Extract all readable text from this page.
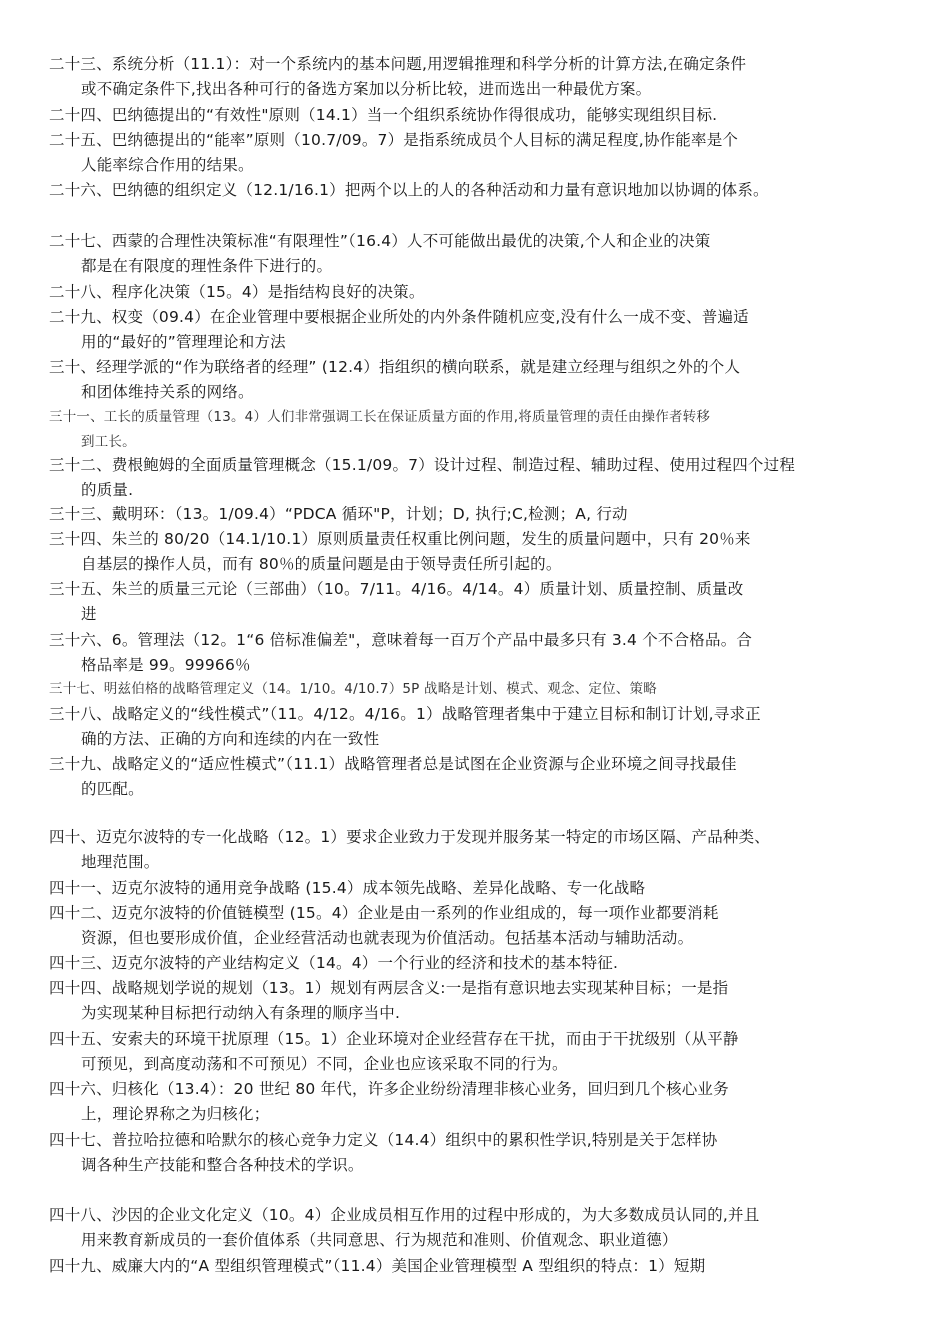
二十三、系统分析（11.1）：对一个系统内的基本问题,用逻辑推理和科学分析的计算方法,在确定条件
或不确定条件下,找出各种可行的备选方案加以分析比较，进而选出一种最优方案。
二十四、巴纳德提出的“有效性"原则（14.1）当一个组织系统协作得很成功，能够实现组织目标.
二十五、巴纳德提出的“能率”原则（10.7/09。7）是指系统成员个人目标的满足程度,协作能率是个
人能率综合作用的结果。
二十六、巴纳德的组织定义（12.1/16.1）把两个以上的人的各种活动和力量有意识地加以协调的体系。
二十七、西蒙的合理性决策标准“有限理性”（16.4）人不可能做出最优的决策,个人和企业的决策
都是在有限度的理性条件下进行的。
二十八、程序化决策（15。4）是指结构良好的决策。
二十九、权变（09.4）在企业管理中要根据企业所处的内外条件随机应变,没有什么一成不变、普遍适
用的“最好的”管理理论和方法
三十、经理学派的“作为联络者的经理” (12.4）指组织的横向联系，就是建立经理与组织之外的个人
和团体维持关系的网络。
三十一、工长的质量管理（13。4）人们非常强调工长在保证质量方面的作用,将质量管理的责任由操作者转移
到工长。
三十二、费根鲍姆的全面质量管理概念（15.1/09。7）设计过程、制造过程、辅助过程、使用过程四个过程
的质量.
三十三、戴明环：（13。1/09.4）“PDCA 循环"P，计划；D, 执行;C,检测；A, 行动
三十四、朱兰的 80/20（14.1/10.1）原则质量责任权重比例问题，发生的质量问题中，只有 20％来
自基层的操作人员，而有 80％的质量问题是由于领导责任所引起的。
三十五、朱兰的质量三元论（三部曲）（10。7/11。4/16。4/14。4）质量计划、质量控制、质量改
进
三十六、6。管理法（12。1“6 倍标准偏差"，意味着每一百万个产品中最多只有 3.4 个不合格品。合
格品率是 99。99966％
三十七、明兹伯格的战略管理定义（14。1/10。4/10.7）5P 战略是计划、模式、观念、定位、策略
三十八、战略定义的“线性模式”（11。4/12。4/16。1）战略管理者集中于建立目标和制订计划,寻求正
确的方法、正确的方向和连续的内在一致性
三十九、战略定义的“适应性模式”（11.1）战略管理者总是试图在企业资源与企业环境之间寻找最佳
的匹配。
四十、迈克尔波特的专一化战略（12。1）要求企业致力于发现并服务某一特定的市场区隔、产品种类、
地理范围。
四十一、迈克尔波特的通用竞争战略 (15.4）成本领先战略、差异化战略、专一化战略
四十二、迈克尔波特的价值链模型 (15。4）企业是由一系列的作业组成的，每一项作业都要消耗
资源，但也要形成价值，企业经营活动也就表现为价值活动。包括基本活动与辅助活动。
四十三、迈克尔波特的产业结构定义（14。4）一个行业的经济和技术的基本特征.
四十四、战略规划学说的规划（13。1）规划有两层含义:一是指有意识地去实现某种目标；一是指
为实现某种目标把行动纳入有条理的顺序当中.
四十五、安索夫的环境干扰原理（15。1）企业环境对企业经营存在干扰，而由于干扰级别（从平静
可预见，到高度动荡和不可预见）不同，企业也应该采取不同的行为。
四十六、归核化（13.4）：20 世纪 80 年代，许多企业纷纷清理非核心业务，回归到几个核心业务
上，理论界称之为归核化；
四十七、普拉哈拉德和哈默尔的核心竞争力定义（14.4）组织中的累积性学识,特别是关于怎样协
调各种生产技能和整合各种技术的学识。
四十八、沙因的企业文化定义（10。4）企业成员相互作用的过程中形成的，为大多数成员认同的,并且
用来教育新成员的一套价值体系（共同意思、行为规范和准则、价值观念、职业道德）
四十九、威廉大内的“A 型组织管理模式”（11.4）美国企业管理模型 A 型组织的特点：1）短期
